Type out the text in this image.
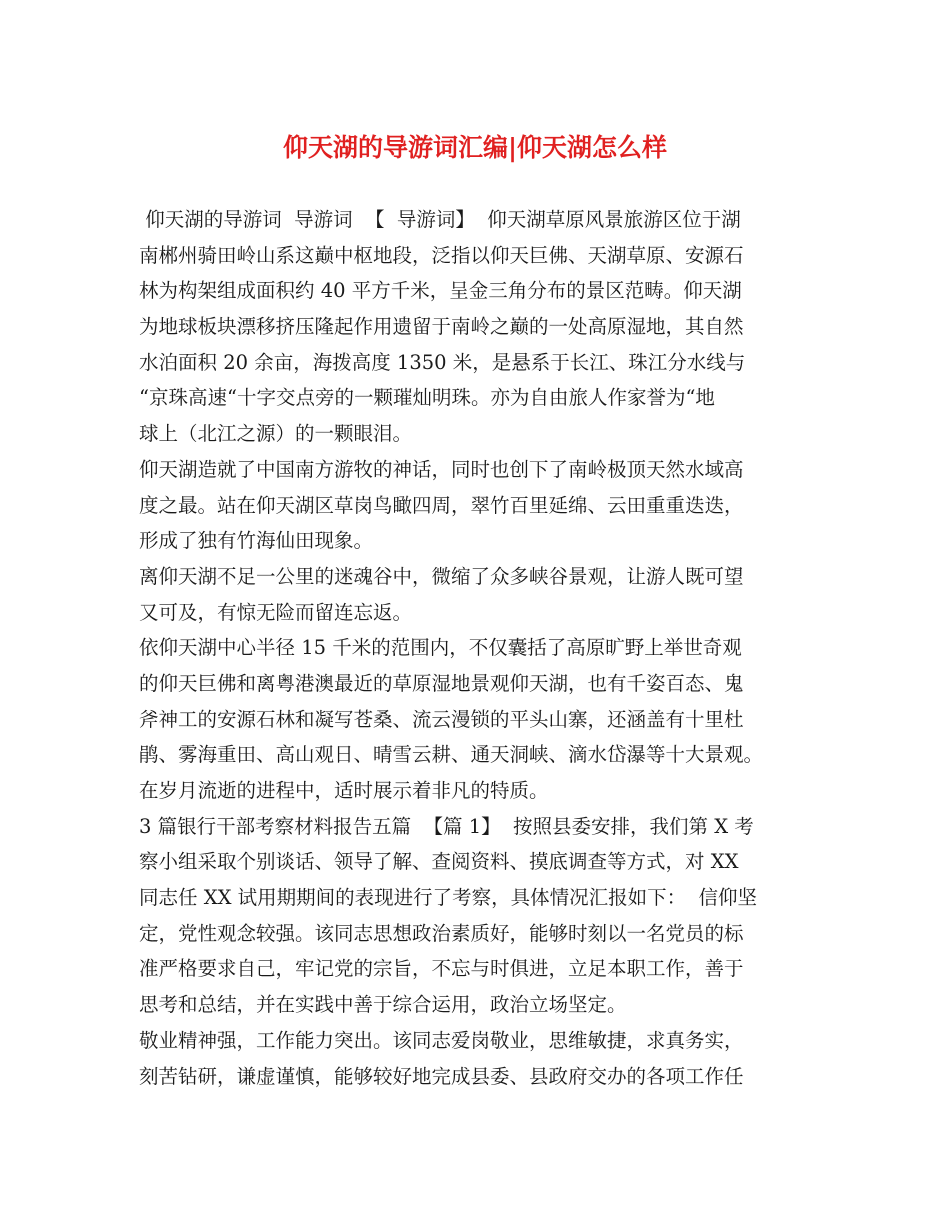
仰天湖的导游词汇编|仰天湖怎么样
仰天湖的导游词  导游词  【  导游词】  仰天湖草原风景旅游区位于湖
南郴州骑田岭山系这巅中枢地段，泛指以仰天巨佛、天湖草原、安源石
林为构架组成面积约 40 平方千米，呈金三角分布的景区范畴。仰天湖
为地球板块漂移挤压隆起作用遗留于南岭之巅的一处高原湿地，其自然
水泊面积 20 余亩，海拨高度 1350 米，是悬系于长江、珠江分水线与
“京珠高速“十字交点旁的一颗璀灿明珠。亦为自由旅人作家誉为“地
球上（北江之源）的一颗眼泪。
仰天湖造就了中国南方游牧的神话，同时也创下了南岭极顶天然水域高
度之最。站在仰天湖区草岗鸟瞰四周，翠竹百里延绵、云田重重迭迭，
形成了独有竹海仙田现象。
离仰天湖不足一公里的迷魂谷中，微缩了众多峡谷景观，让游人既可望
又可及，有惊无险而留连忘返。
依仰天湖中心半径 15 千米的范围内，不仅囊括了高原旷野上举世奇观
的仰天巨佛和离粤港澳最近的草原湿地景观仰天湖，也有千姿百态、鬼
斧神工的安源石林和凝写苍桑、流云漫锁的平头山寨，还涵盖有十里杜
鹃、雾海重田、高山观日、晴雪云耕、通天洞峡、滴水岱瀑等十大景观。
在岁月流逝的进程中，适时展示着非凡的特质。
3 篇银行干部考察材料报告五篇  【篇 1】  按照县委安排，我们第 X 考
察小组采取个别谈话、领导了解、查阅资料、摸底调查等方式，对 XX
同志任 XX 试用期期间的表现进行了考察，具体情况汇报如下：  信仰坚
定，党性观念较强。该同志思想政治素质好，能够时刻以一名党员的标
准严格要求自己，牢记党的宗旨，不忘与时俱进，立足本职工作，善于
思考和总结，并在实践中善于综合运用，政治立场坚定。
敬业精神强，工作能力突出。该同志爱岗敬业，思维敏捷，求真务实，
刻苦钻研，谦虚谨慎，能够较好地完成县委、县政府交办的各项工作任
